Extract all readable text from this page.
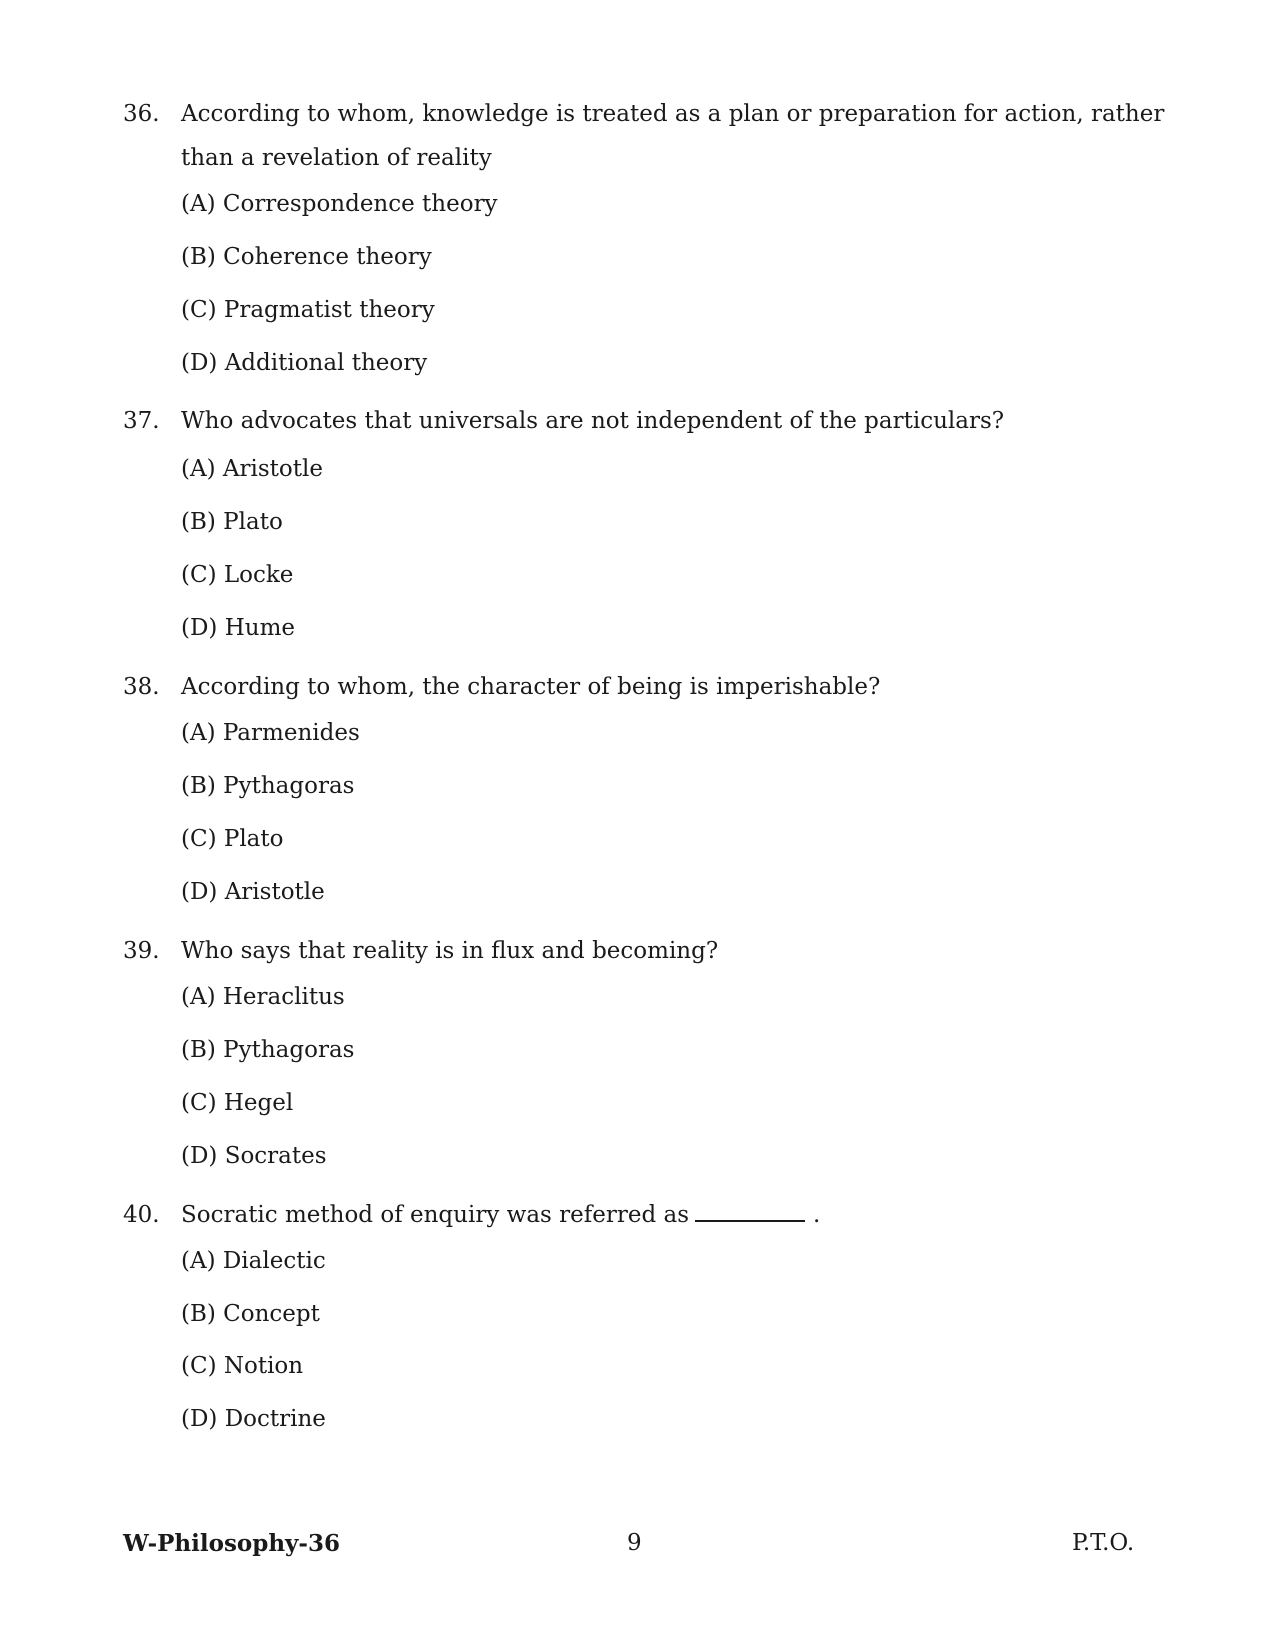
36. According to whom, knowledge is treated as a plan or preparation for action, rather than a revelation of reality
(A) Correspondence theory
(B) Coherence theory
(C) Pragmatist theory
(D) Additional theory
37. Who advocates that universals are not independent of the particulars?
(A) Aristotle
(B) Plato
(C) Locke
(D) Hume
38. According to whom, the character of being is imperishable?
(A) Parmenides
(B) Pythagoras
(C) Plato
(D) Aristotle
39. Who says that reality is in flux and becoming?
(A) Heraclitus
(B) Pythagoras
(C) Hegel
(D) Socrates
40. Socratic method of enquiry was referred as	.
(A) Dialectic
(B) Concept
(C) Notion
(D) Doctrine
W-Philosophy-36	9	P.T.O.
